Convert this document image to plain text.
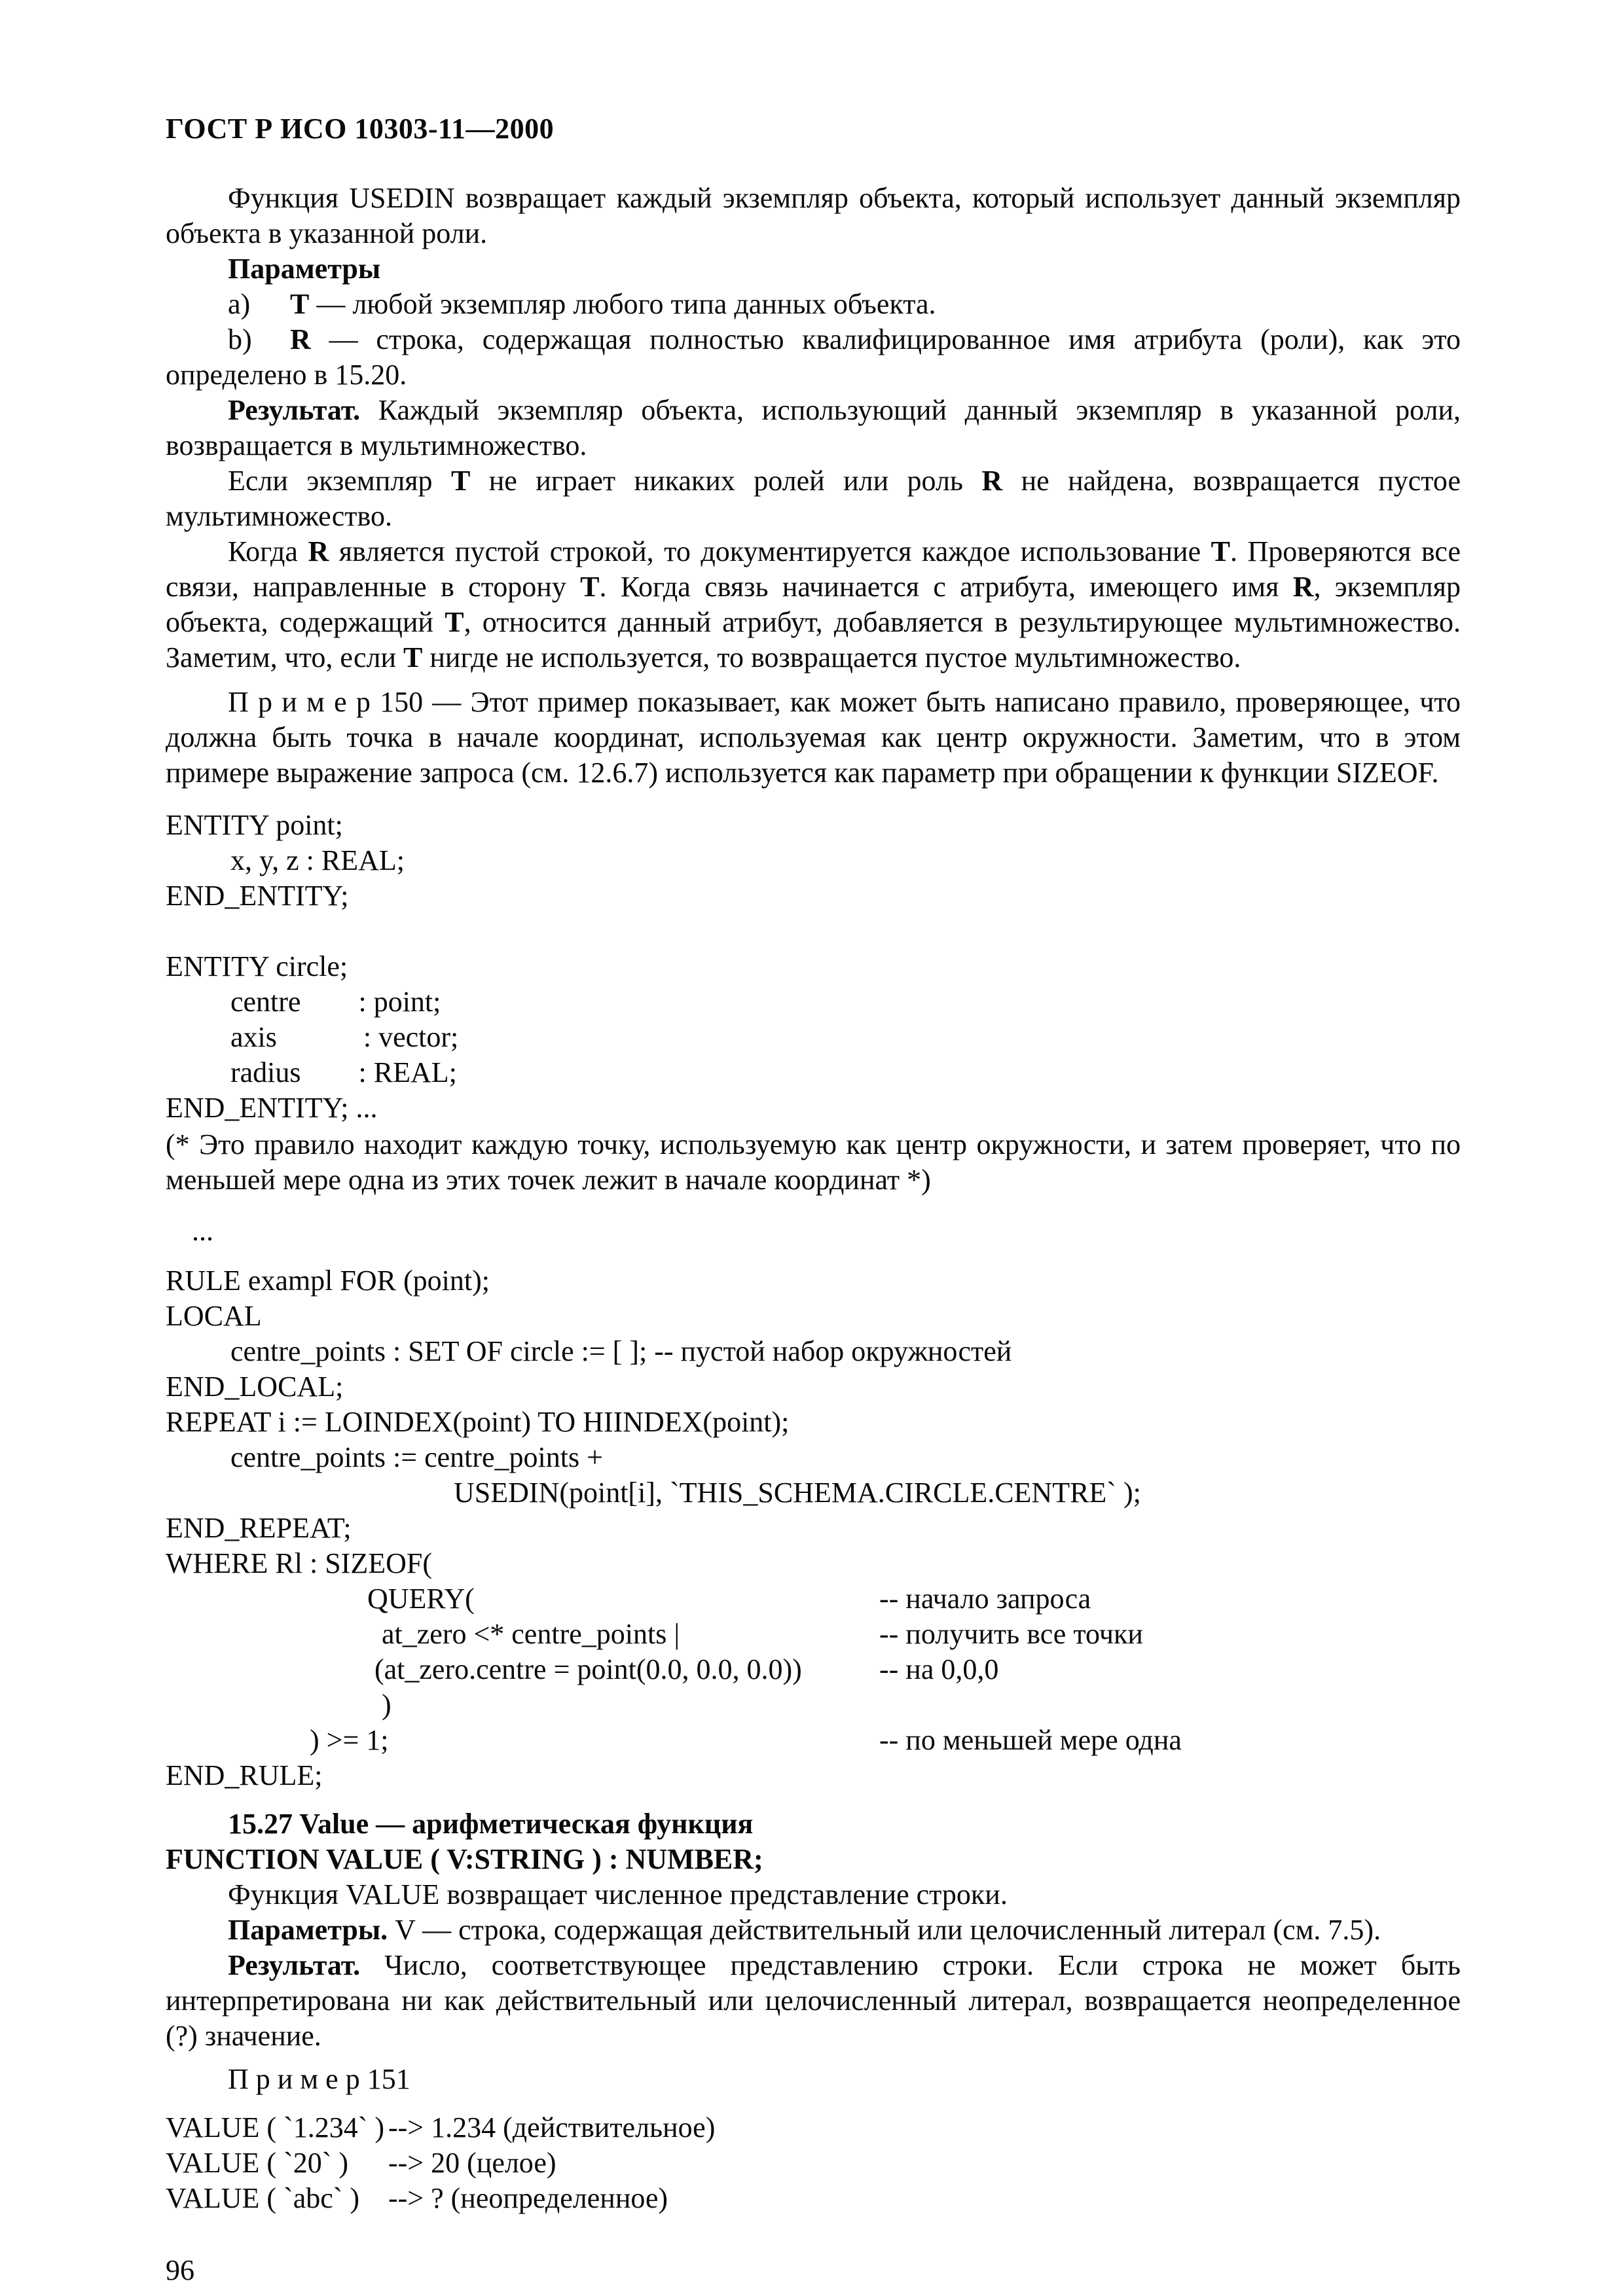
ГОСТ Р ИСО 10303-11—2000

Функция USEDIN возвращает каждый экземпляр объекта, который использует данный экземпляр объекта в указанной роли.

Параметры

a) Т — любой экземпляр любого типа данных объекта.

b) R — строка, содержащая полностью квалифицированное имя атрибута (роли), как это определено в 15.20.

Результат. Каждый экземпляр объекта, использующий данный экземпляр в указанной роли, возвращается в мультимножество.

Если экземпляр Т не играет никаких ролей или роль R не найдена, возвращается пустое мультимножество.

Когда R является пустой строкой, то документируется каждое использование Т. Проверяются все связи, направленные в сторону Т. Когда связь начинается с атрибута, имеющего имя R, экземпляр объекта, содержащий Т, относится данный атрибут, добавляется в результирующее мультимножество. Заметим, что, если Т нигде не используется, то возвращается пустое мультимножество.

П р и м е р 150 — Этот пример показывает, как может быть написано правило, проверяющее, что должна быть точка в начале координат, используемая как центр окружности. Заметим, что в этом примере выражение запроса (см. 12.6.7) используется как параметр при обращении к функции SIZEOF.

ENTITY point;
x, y, z : REAL;
END_ENTITY;
ENTITY circle;
centre        : point;
axis            : vector;
radius        : REAL;
END_ENTITY; ...

(* Это правило находит каждую точку, используемую как центр окружности, и затем проверяет, что по меньшей мере одна из этих точек лежит в начале координат *)

...
RULE exampl FOR (point);
LOCAL
centre_points : SET OF circle := [ ]; -- пустой набор окружностей
END_LOCAL;
REPEAT i := LOINDEX(point) TO HIINDEX(point);
centre_points := centre_points +
USEDIN(point[i], `THIS_SCHEMA.CIRCLE.CENTRE` );
END_REPEAT;
WHERE Rl : SIZEOF(
QUERY(	-- начало запроса
at_zero <* centre_points |	-- получить все точки
(at_zero.centre = point(0.0, 0.0, 0.0))	-- на 0,0,0
)
) >= 1;	-- по меньшей мере одна
END_RULE;

15.27 Value — арифметическая функция

FUNCTION VALUE ( V:STRING ) : NUMBER;

Функция VALUE возвращает численное представление строки.

Параметры. V — строка, содержащая действительный или целочисленный литерал (см. 7.5).

Результат. Число, соответствующее представлению строки. Если строка не может быть интерпретирована ни как действительный или целочисленный литерал, возвращается неопределенное (?) значение.

П р и м е р 151

VALUE ( `1.234` ) --> 1.234 (действительное)
VALUE ( `20` ) --> 20 (целое)
VALUE ( `abc` ) --> ? (неопределенное)
96
